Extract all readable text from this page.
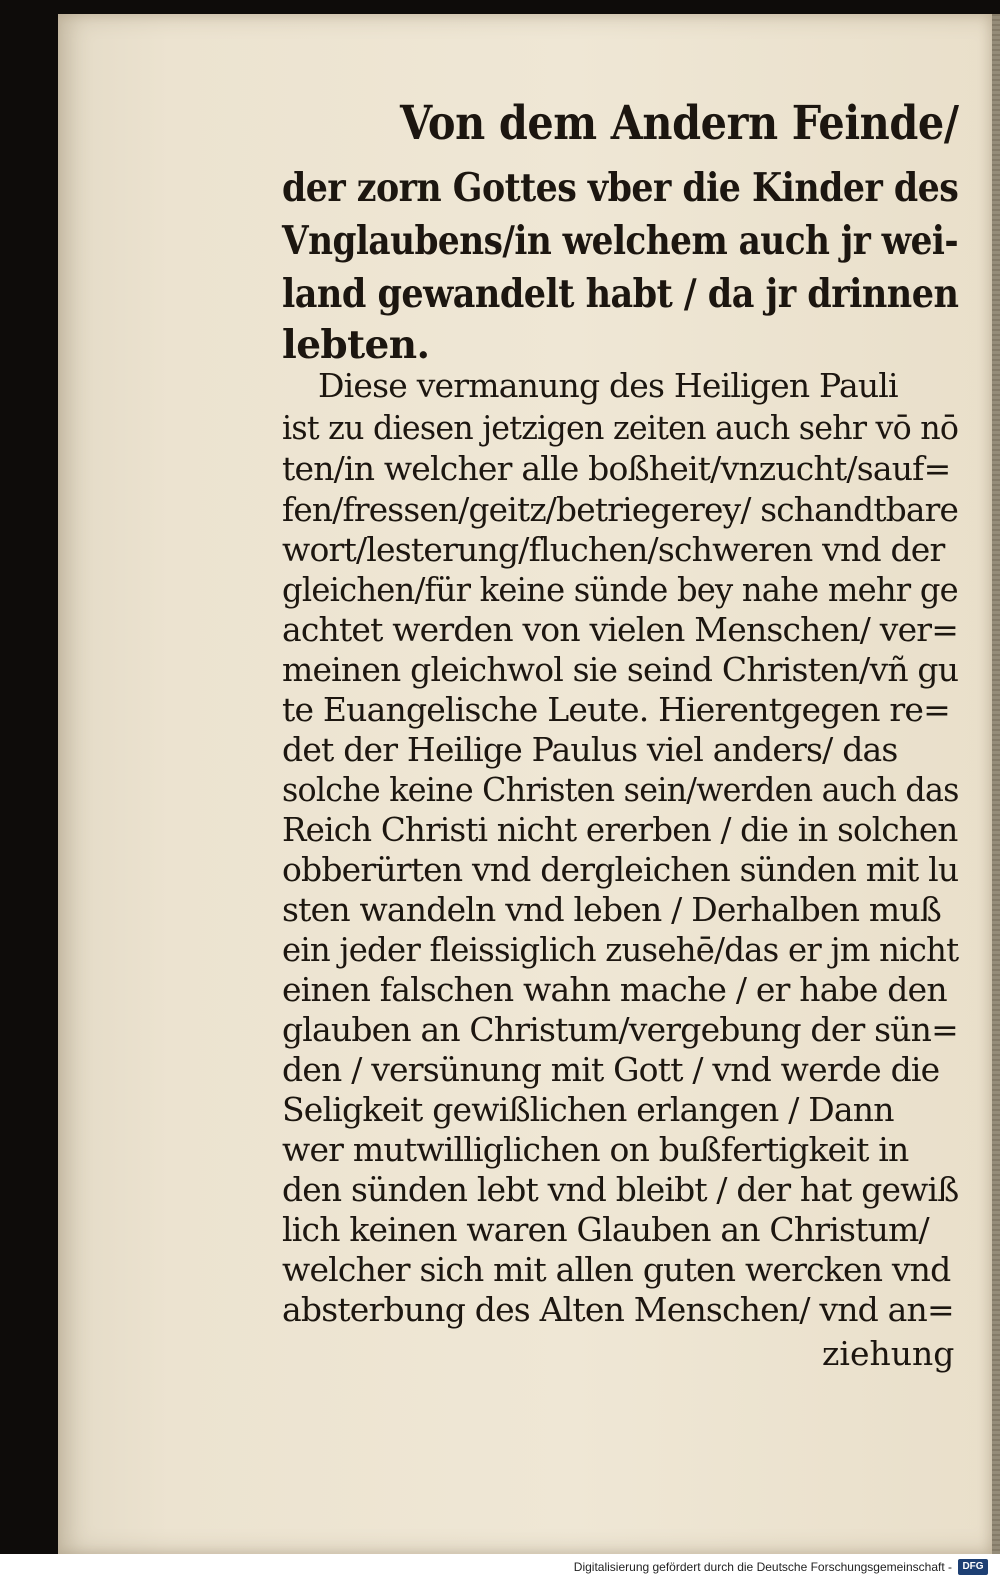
Von dem Andern Feinde/
der zorn Gottes vber die Kinder des
Vnglaubens/in welchem auch jr wei-
land gewandelt habt / da jr drinnen
lebten.
Diese vermanung des Heiligen Pauli
ist zu diesen jetzigen zeiten auch sehr vō nō
ten/in welcher alle boßheit/vnzucht/sauf=
fen/fressen/geitz/betriegerey/ schandtbare
wort/lesterung/fluchen/schweren vnd der
gleichen/für keine sünde bey nahe mehr ge
achtet werden von vielen Menschen/ ver=
meinen gleichwol sie seind Christen/vñ gu
te Euangelische Leute. Hierentgegen re=
det der Heilige Paulus viel anders/ das
solche keine Christen sein/werden auch das
Reich Christi nicht ererben / die in solchen
obberürten vnd dergleichen sünden mit lu
sten wandeln vnd leben / Derhalben muß
ein jeder fleissiglich zusehē/das er jm nicht
einen falschen wahn mache / er habe den
glauben an Christum/vergebung der sün=
den / versünung mit Gott / vnd werde die
Seligkeit gewißlichen erlangen / Dann
wer mutwilliglichen on bußfertigkeit in
den sünden lebt vnd bleibt / der hat gewiß
lich keinen waren Glauben an Christum/
welcher sich mit allen guten wercken vnd
absterbung des Alten Menschen/ vnd an=
ziehung
Digitalisierung gefördert durch die Deutsche Forschungsgemeinschaft -	DFG
